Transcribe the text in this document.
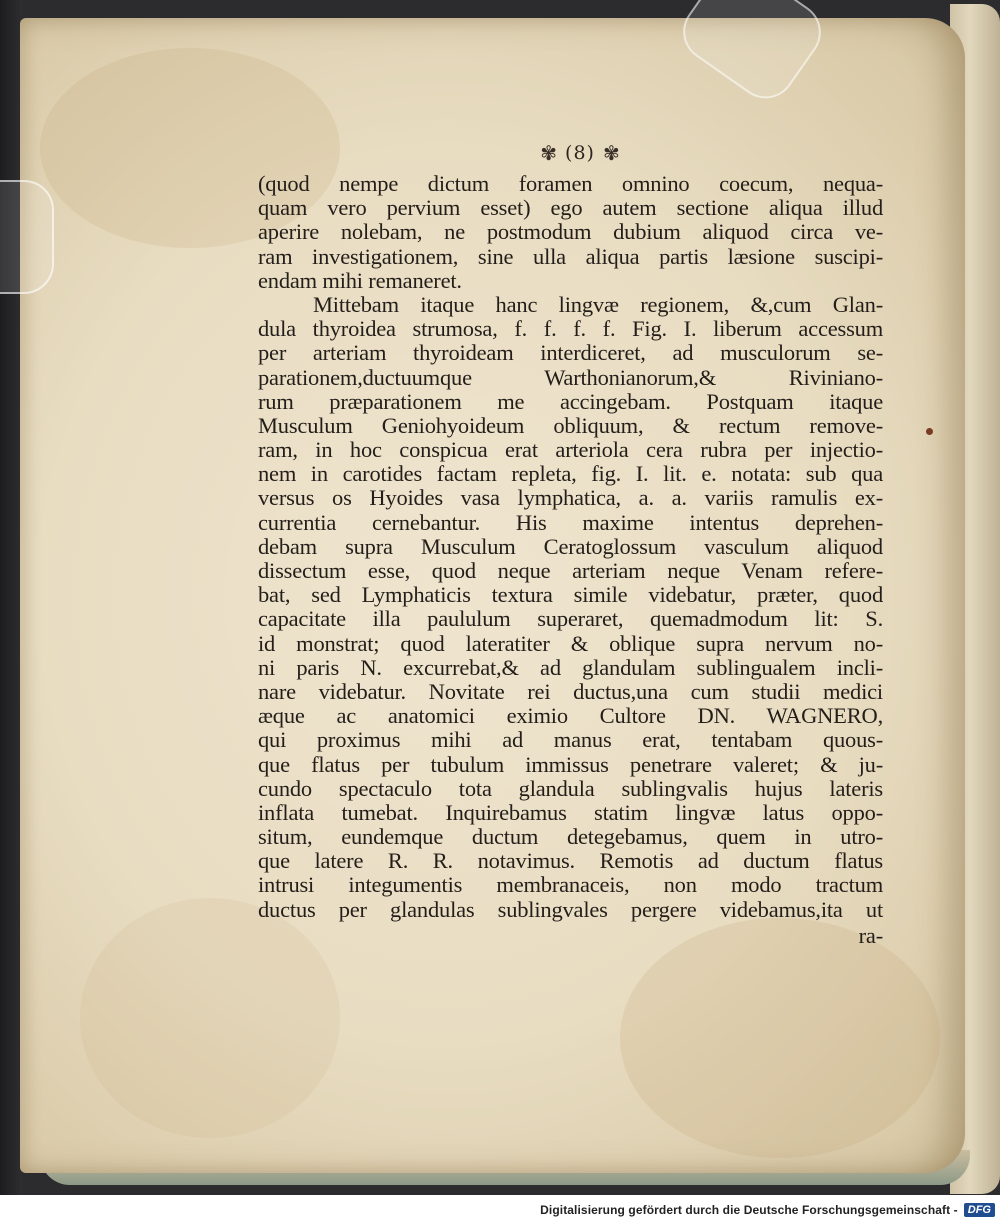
✾ (8) ✾
(quod nempe dictum foramen omnino coecum, nequa-
quam vero pervium esset) ego autem sectione aliqua illud
aperire nolebam, ne postmodum dubium aliquod circa ve-
ram investigationem, sine ulla aliqua partis læsione suscipi-
endam mihi remaneret.
Mittebam itaque hanc lingvæ regionem, &,cum Glan-
dula thyroidea strumosa, f. f. f. f. Fig. I. liberum accessum
per arteriam thyroideam interdiceret, ad musculorum se-
parationem,ductuumque Warthonianorum,& Riviniano-
rum præparationem me accingebam. Postquam itaque
Musculum Geniohyoideum obliquum, & rectum remove-
ram, in hoc conspicua erat arteriola cera rubra per injectio-
nem in carotides factam repleta, fig. I. lit. e. notata: sub qua
versus os Hyoides vasa lymphatica, a. a. variis ramulis ex-
currentia cernebantur. His maxime intentus deprehen-
debam supra Musculum Ceratoglossum vasculum aliquod
dissectum esse, quod neque arteriam neque Venam refere-
bat, sed Lymphaticis textura simile videbatur, præter, quod
capacitate illa paululum superaret, quemadmodum lit: S.
id monstrat; quod lateratiter & oblique supra nervum no-
ni paris N. excurrebat,& ad glandulam sublingualem incli-
nare videbatur. Novitate rei ductus,una cum studii medici
æque ac anatomici eximio Cultore DN. WAGNERO,
qui proximus mihi ad manus erat, tentabam quous-
que flatus per tubulum immissus penetrare valeret; & ju-
cundo spectaculo tota glandula sublingvalis hujus lateris
inflata tumebat. Inquirebamus statim lingvæ latus oppo-
situm, eundemque ductum detegebamus, quem in utro-
que latere R. R. notavimus. Remotis ad ductum flatus
intrusi integumentis membranaceis, non modo tractum
ductus per glandulas sublingvales pergere videbamus,ita ut
ra-
Digitalisierung gefördert durch die Deutsche Forschungsgemeinschaft - DFG
